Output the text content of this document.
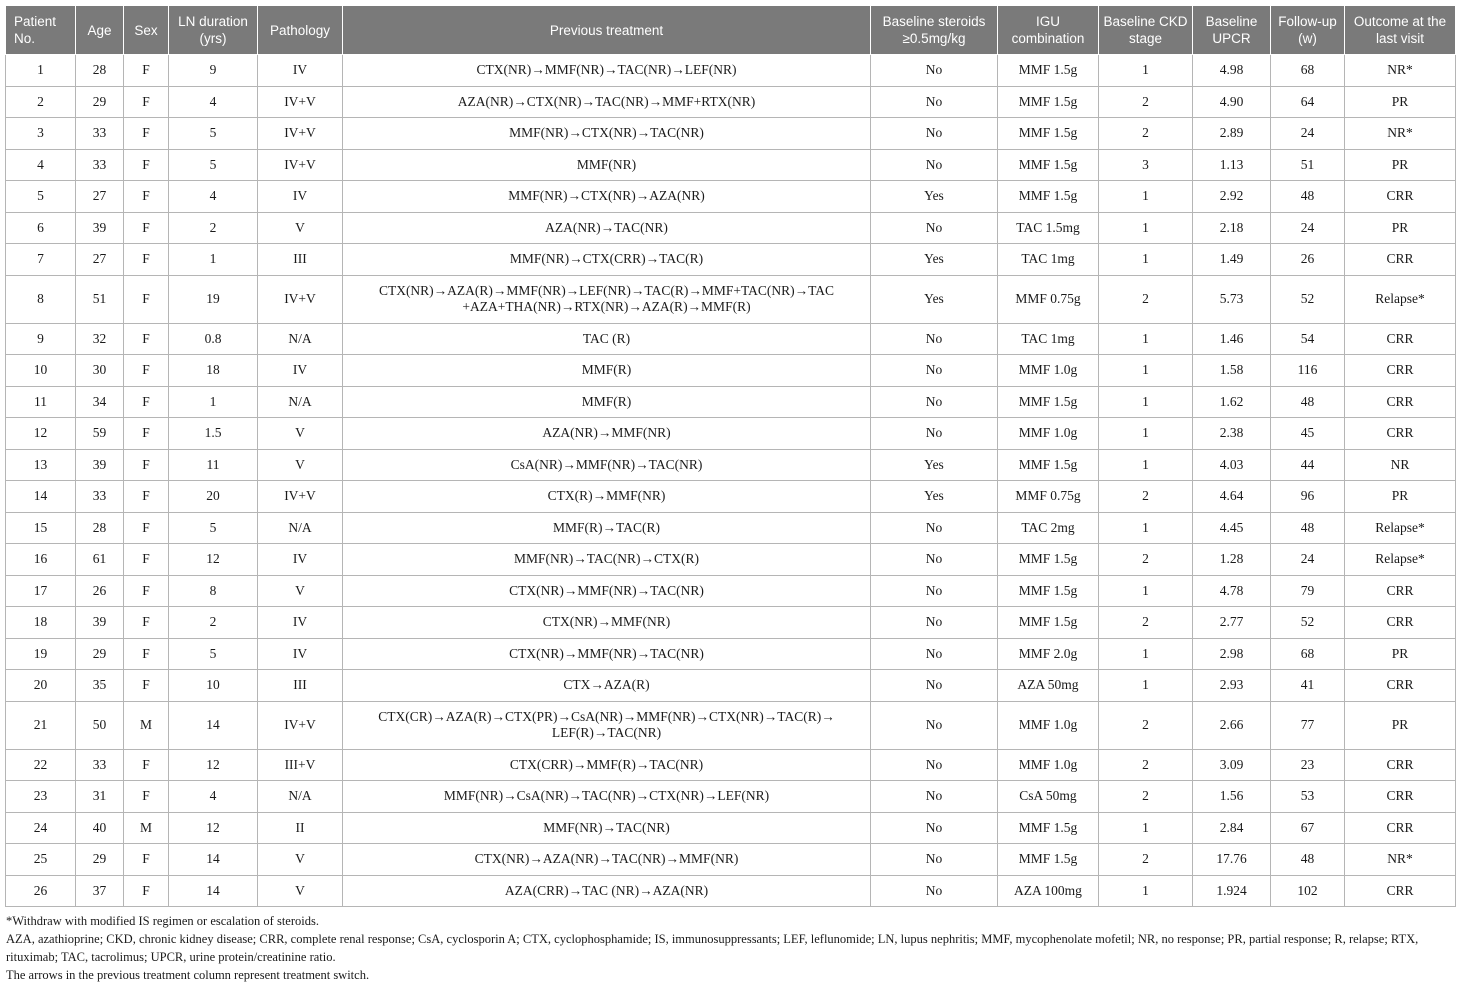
Patient No.	Age	Sex	LN duration (yrs)	Pathology	Previous treatment	Baseline steroids ≥0.5mg/kg	IGU combination	Baseline CKD stage	Baseline UPCR	Follow-up (w)	Outcome at the last visit
1	28	F	9	IV	CTX(NR)→MMF(NR)→TAC(NR)→LEF(NR)	No	MMF 1.5g	1	4.98	68	NR*
2	29	F	4	IV+V	AZA(NR)→CTX(NR)→TAC(NR)→MMF+RTX(NR)	No	MMF 1.5g	2	4.90	64	PR
3	33	F	5	IV+V	MMF(NR)→CTX(NR)→TAC(NR)	No	MMF 1.5g	2	2.89	24	NR*
4	33	F	5	IV+V	MMF(NR)	No	MMF 1.5g	3	1.13	51	PR
5	27	F	4	IV	MMF(NR)→CTX(NR)→AZA(NR)	Yes	MMF 1.5g	1	2.92	48	CRR
6	39	F	2	V	AZA(NR)→TAC(NR)	No	TAC 1.5mg	1	2.18	24	PR
7	27	F	1	III	MMF(NR)→CTX(CRR)→TAC(R)	Yes	TAC 1mg	1	1.49	26	CRR
8	51	F	19	IV+V	CTX(NR)→AZA(R)→MMF(NR)→LEF(NR)→TAC(R)→MMF+TAC(NR)→TAC +AZA+THA(NR)→RTX(NR)→AZA(R)→MMF(R)	Yes	MMF 0.75g	2	5.73	52	Relapse*
9	32	F	0.8	N/A	TAC (R)	No	TAC 1mg	1	1.46	54	CRR
10	30	F	18	IV	MMF(R)	No	MMF 1.0g	1	1.58	116	CRR
11	34	F	1	N/A	MMF(R)	No	MMF 1.5g	1	1.62	48	CRR
12	59	F	1.5	V	AZA(NR)→MMF(NR)	No	MMF 1.0g	1	2.38	45	CRR
13	39	F	11	V	CsA(NR)→MMF(NR)→TAC(NR)	Yes	MMF 1.5g	1	4.03	44	NR
14	33	F	20	IV+V	CTX(R)→MMF(NR)	Yes	MMF 0.75g	2	4.64	96	PR
15	28	F	5	N/A	MMF(R)→TAC(R)	No	TAC 2mg	1	4.45	48	Relapse*
16	61	F	12	IV	MMF(NR)→TAC(NR)→CTX(R)	No	MMF 1.5g	2	1.28	24	Relapse*
17	26	F	8	V	CTX(NR)→MMF(NR)→TAC(NR)	No	MMF 1.5g	1	4.78	79	CRR
18	39	F	2	IV	CTX(NR)→MMF(NR)	No	MMF 1.5g	2	2.77	52	CRR
19	29	F	5	IV	CTX(NR)→MMF(NR)→TAC(NR)	No	MMF 2.0g	1	2.98	68	PR
20	35	F	10	III	CTX→AZA(R)	No	AZA 50mg	1	2.93	41	CRR
21	50	M	14	IV+V	CTX(CR)→AZA(R)→CTX(PR)→CsA(NR)→MMF(NR)→CTX(NR)→TAC(R)→ LEF(R)→TAC(NR)	No	MMF 1.0g	2	2.66	77	PR
22	33	F	12	III+V	CTX(CRR)→MMF(R)→TAC(NR)	No	MMF 1.0g	2	3.09	23	CRR
23	31	F	4	N/A	MMF(NR)→CsA(NR)→TAC(NR)→CTX(NR)→LEF(NR)	No	CsA 50mg	2	1.56	53	CRR
24	40	M	12	II	MMF(NR)→TAC(NR)	No	MMF 1.5g	1	2.84	67	CRR
25	29	F	14	V	CTX(NR)→AZA(NR)→TAC(NR)→MMF(NR)	No	MMF 1.5g	2	17.76	48	NR*
26	37	F	14	V	AZA(CRR)→TAC (NR)→AZA(NR)	No	AZA 100mg	1	1.924	102	CRR
*Withdraw with modified IS regimen or escalation of steroids.
AZA, azathioprine; CKD, chronic kidney disease; CRR, complete renal response; CsA, cyclosporin A; CTX, cyclophosphamide; IS, immunosuppressants; LEF, leflunomide; LN, lupus nephritis; MMF, mycophenolate mofetil; NR, no response; PR, partial response; R, relapse; RTX, rituximab; TAC, tacrolimus; UPCR, urine protein/creatinine ratio.
The arrows in the previous treatment column represent treatment switch.
